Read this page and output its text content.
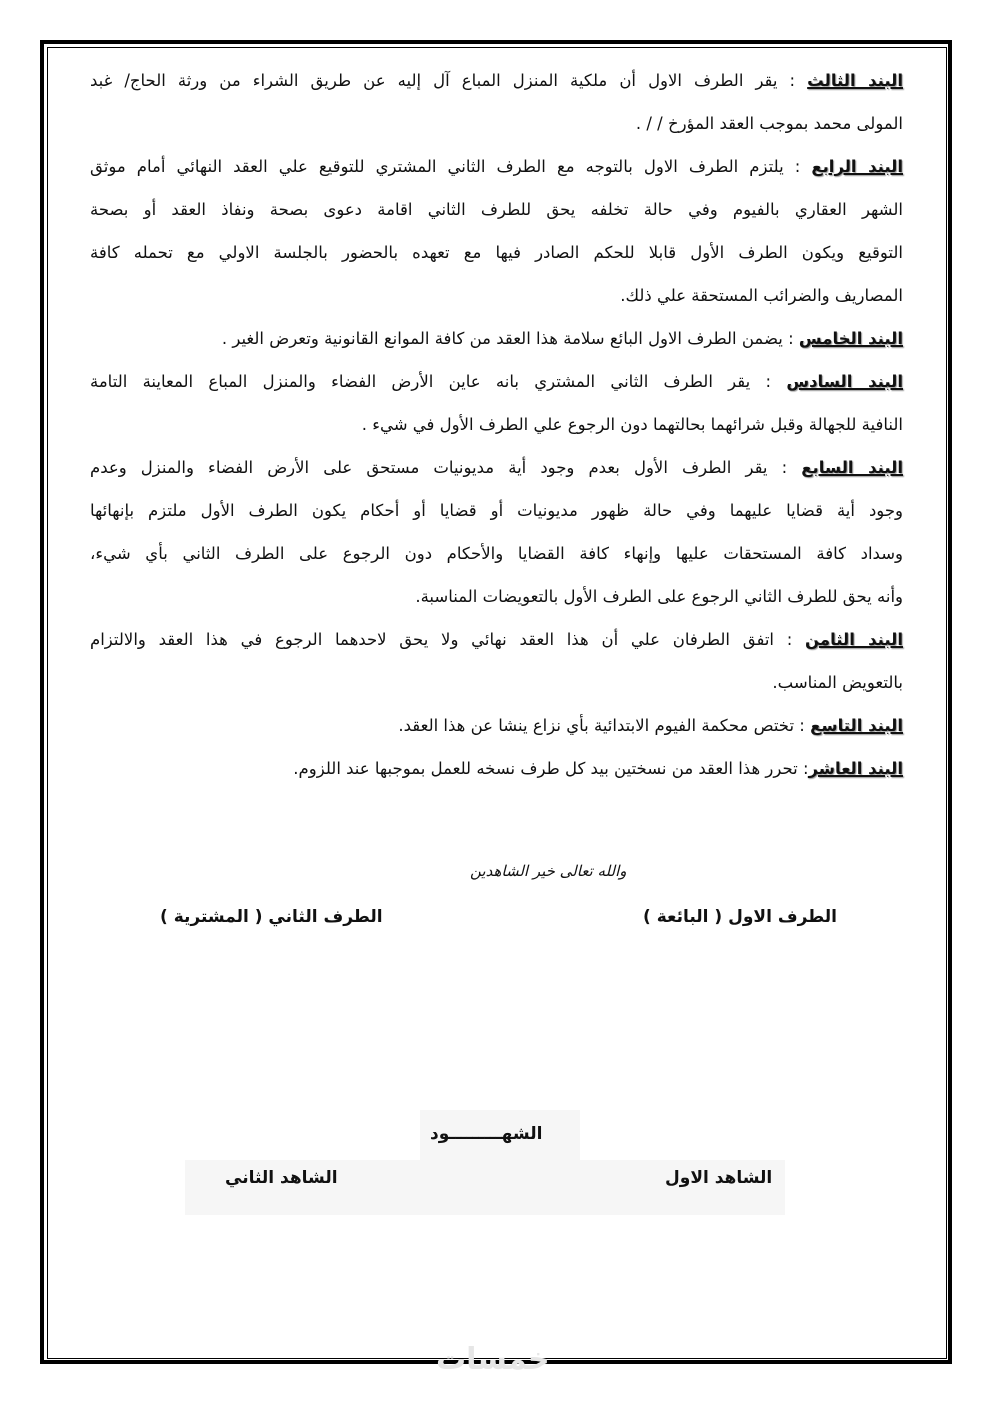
البند الثالث : يقر الطرف الاول أن ملكية المنزل المباع آل إليه عن طريق الشراء من ورثة الحاج/ غبد
المولى محمد بموجب العقد المؤرخ / / .
البند الرابع : يلتزم الطرف الاول بالتوجه مع الطرف الثاني المشتري للتوقيع علي العقد النهائي أمام موثق
الشهر العقاري بالفيوم وفي حالة تخلفه يحق للطرف الثاني اقامة دعوى بصحة ونفاذ العقد أو بصحة
التوقيع ويكون الطرف الأول قابلا للحكم الصادر فيها مع تعهده بالحضور بالجلسة الاولي مع تحمله كافة
المصاريف والضرائب المستحقة علي ذلك.
البند الخامس : يضمن الطرف الاول البائع سلامة هذا العقد من كافة الموانع القانونية وتعرض الغير .
البند السادس : يقر الطرف الثاني المشتري بانه عاين الأرض الفضاء والمنزل المباع المعاينة التامة
النافية للجهالة وقبل شرائهما بحالتهما دون الرجوع علي الطرف الأول في شيء .
البند السابع : يقر الطرف الأول بعدم وجود أية مديونيات مستحق على الأرض الفضاء والمنزل وعدم
وجود أية قضايا عليهما وفي حالة ظهور مديونيات أو قضايا أو أحكام يكون الطرف الأول ملتزم بإنهائها
وسداد كافة المستحقات عليها وإنهاء كافة القضايا والأحكام دون الرجوع على الطرف الثاني بأي شيء،
وأنه يحق للطرف الثاني الرجوع على الطرف الأول بالتعويضات المناسبة.
البند الثامن : اتفق الطرفان علي أن هذا العقد نهائي ولا يحق لاحدهما الرجوع في هذا العقد والالتزام
بالتعويض المناسب.
البند التاسع : تختص محكمة الفيوم الابتدائية بأي نزاع ينشا عن هذا العقد.
البند العاشر: تحرر هذا العقد من نسختين بيد كل طرف نسخه للعمل بموجبها عند اللزوم.
والله تعالى خير الشاهدين
الطرف الاول ( البائعة )
الطرف الثاني ( المشترية )
الشهـــــــــود
الشاهد الاول
الشاهد الثاني
خمسات
